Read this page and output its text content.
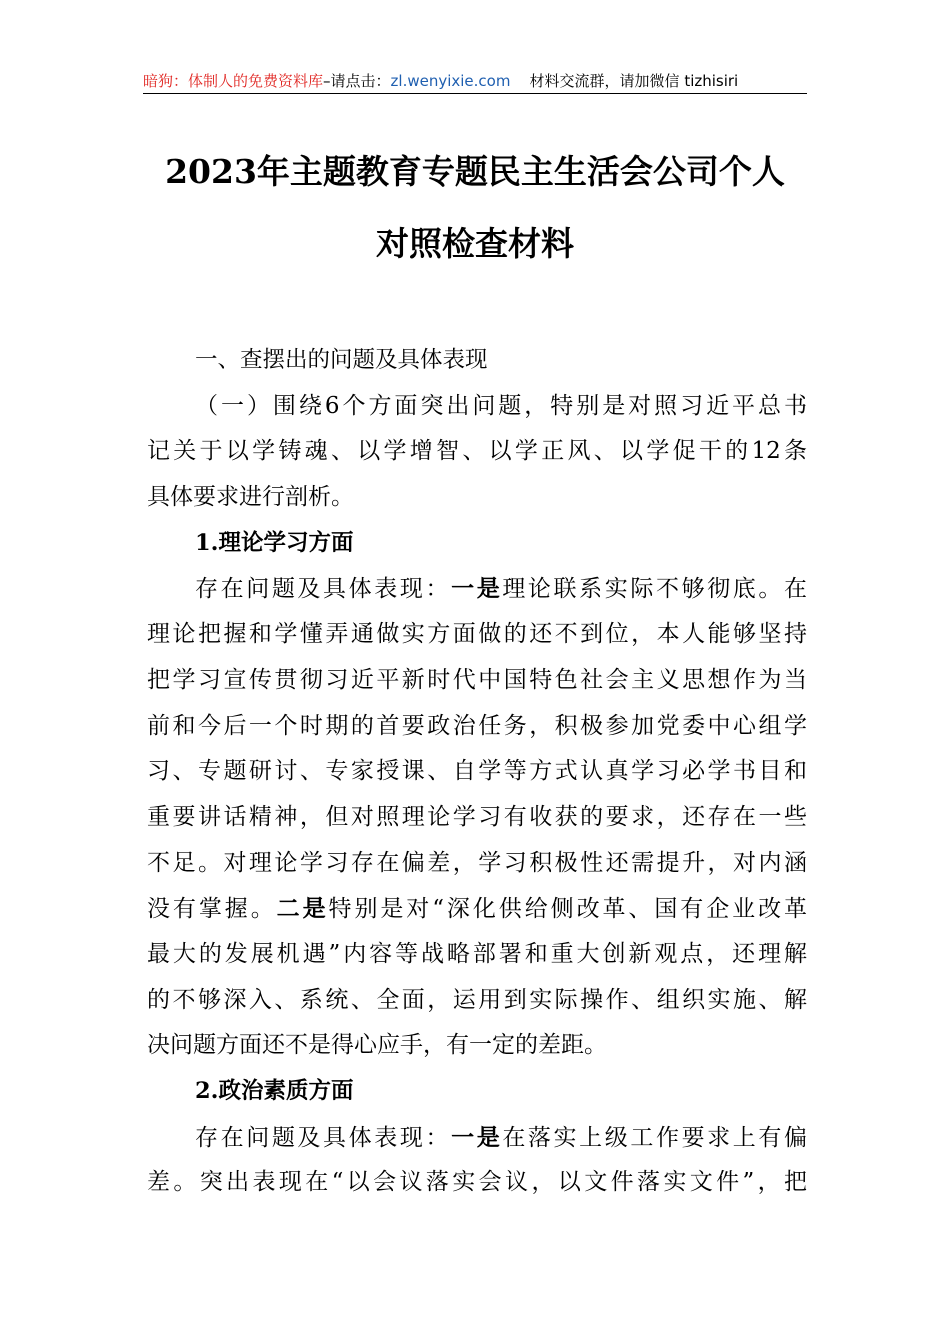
暗狗：体制人的免费资料库–请点击：zl.wenyixie.com 材料交流群，请加微信 tizhisiri
2023年主题教育专题民主生活会公司个人
对照检查材料
一、查摆出的问题及具体表现
（一）围绕6个方面突出问题，特别是对照习近平总书
记关于以学铸魂、以学增智、以学正风、以学促干的12条
具体要求进行剖析。
1.理论学习方面
存在问题及具体表现：一是理论联系实际不够彻底。在
理论把握和学懂弄通做实方面做的还不到位，本人能够坚持
把学习宣传贯彻习近平新时代中国特色社会主义思想作为当
前和今后一个时期的首要政治任务，积极参加党委中心组学
习、专题研讨、专家授课、自学等方式认真学习必学书目和
重要讲话精神，但对照理论学习有收获的要求，还存在一些
不足。对理论学习存在偏差，学习积极性还需提升，对内涵
没有掌握。二是特别是对“深化供给侧改革、国有企业改革
最大的发展机遇”内容等战略部署和重大创新观点，还理解
的不够深入、系统、全面，运用到实际操作、组织实施、解
决问题方面还不是得心应手，有一定的差距。
2.政治素质方面
存在问题及具体表现：一是在落实上级工作要求上有偏
差。突出表现在“以会议落实会议，以文件落实文件”，把
